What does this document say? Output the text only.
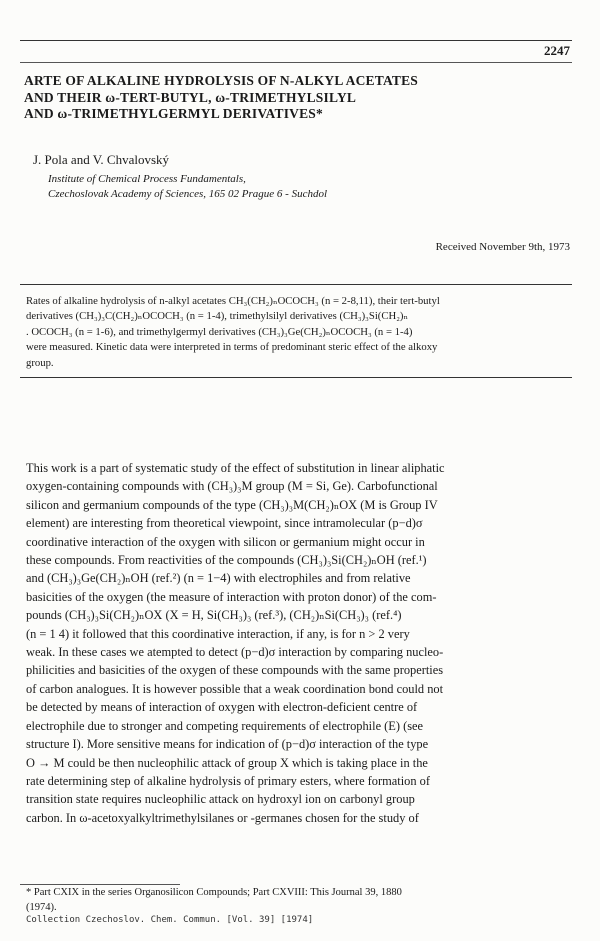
2247
ARTE OF ALKALINE HYDROLYSIS OF N-ALKYL ACETATES
AND THEIR ω-TERT-BUTYL, ω-TRIMETHYLSILYL
AND ω-TRIMETHYLGERMYL DERIVATIVES*
J. Pola and V. Chvalovský
Institute of Chemical Process Fundamentals,
Czechoslovak Academy of Sciences, 165 02 Prague 6 - Suchdol
Received November 9th, 1973
Rates of alkaline hydrolysis of n-alkyl acetates CH₃(CH₂)ₙOCOCH₃ (n = 2-8,11), their tert-butyl
derivatives (CH₃)₃C(CH₂)ₙOCOCH₃ (n = 1-4), trimethylsilyl derivatives (CH₃)₃Si(CH₂)ₙ
. OCOCH₃ (n = 1-6), and trimethylgermyl derivatives (CH₃)₃Ge(CH₂)ₙOCOCH₃ (n = 1-4)
were measured. Kinetic data were interpreted in terms of predominant steric effect of the alkoxy
group.
This work is a part of systematic study of the effect of substitution in linear aliphatic
oxygen-containing compounds with (CH₃)₃M group (M = Si, Ge). Carbofunctional
silicon and germanium compounds of the type (CH₃)₃M(CH₂)ₙOX (M is Group IV
element) are interesting from theoretical viewpoint, since intramolecular (p−d)σ
coordinative interaction of the oxygen with silicon or germanium might occur in
these compounds. From reactivities of the compounds (CH₃)₃Si(CH₂)ₙOH (ref.¹)
and (CH₃)₃Ge(CH₂)ₙOH (ref.²) (n = 1−4) with electrophiles and from relative
basicities of the oxygen (the measure of interaction with proton donor) of the com-
pounds (CH₃)₃Si(CH₂)ₙOX (X = H, Si(CH₃)₃ (ref.³), (CH₂)ₙSi(CH₃)₃ (ref.⁴)
(n = 1 4) it followed that this coordinative interaction, if any, is for n > 2 very
weak. In these cases we atempted to detect (p−d)σ interaction by comparing nucleo-
philicities and basicities of the oxygen of these compounds with the same properties
of carbon analogues. It is however possible that a weak coordination bond could not
be detected by means of interaction of oxygen with electron-deficient centre of
electrophile due to stronger and competing requirements of electrophile (E) (see
structure I). More sensitive means for indication of (p−d)σ interaction of the type
O → M could be then nucleophilic attack of group X which is taking place in the
rate determining step of alkaline hydrolysis of primary esters, where formation of
transition state requires nucleophilic attack on hydroxyl ion on carbonyl group
carbon. In ω-acetoxyalkyltrimethylsilanes or -germanes chosen for the study of
* Part CXIX in the series Organosilicon Compounds; Part CXVIII: This Journal 39, 1880
(1974).
Collection Czechoslov. Chem. Commun. [Vol. 39] [1974]
